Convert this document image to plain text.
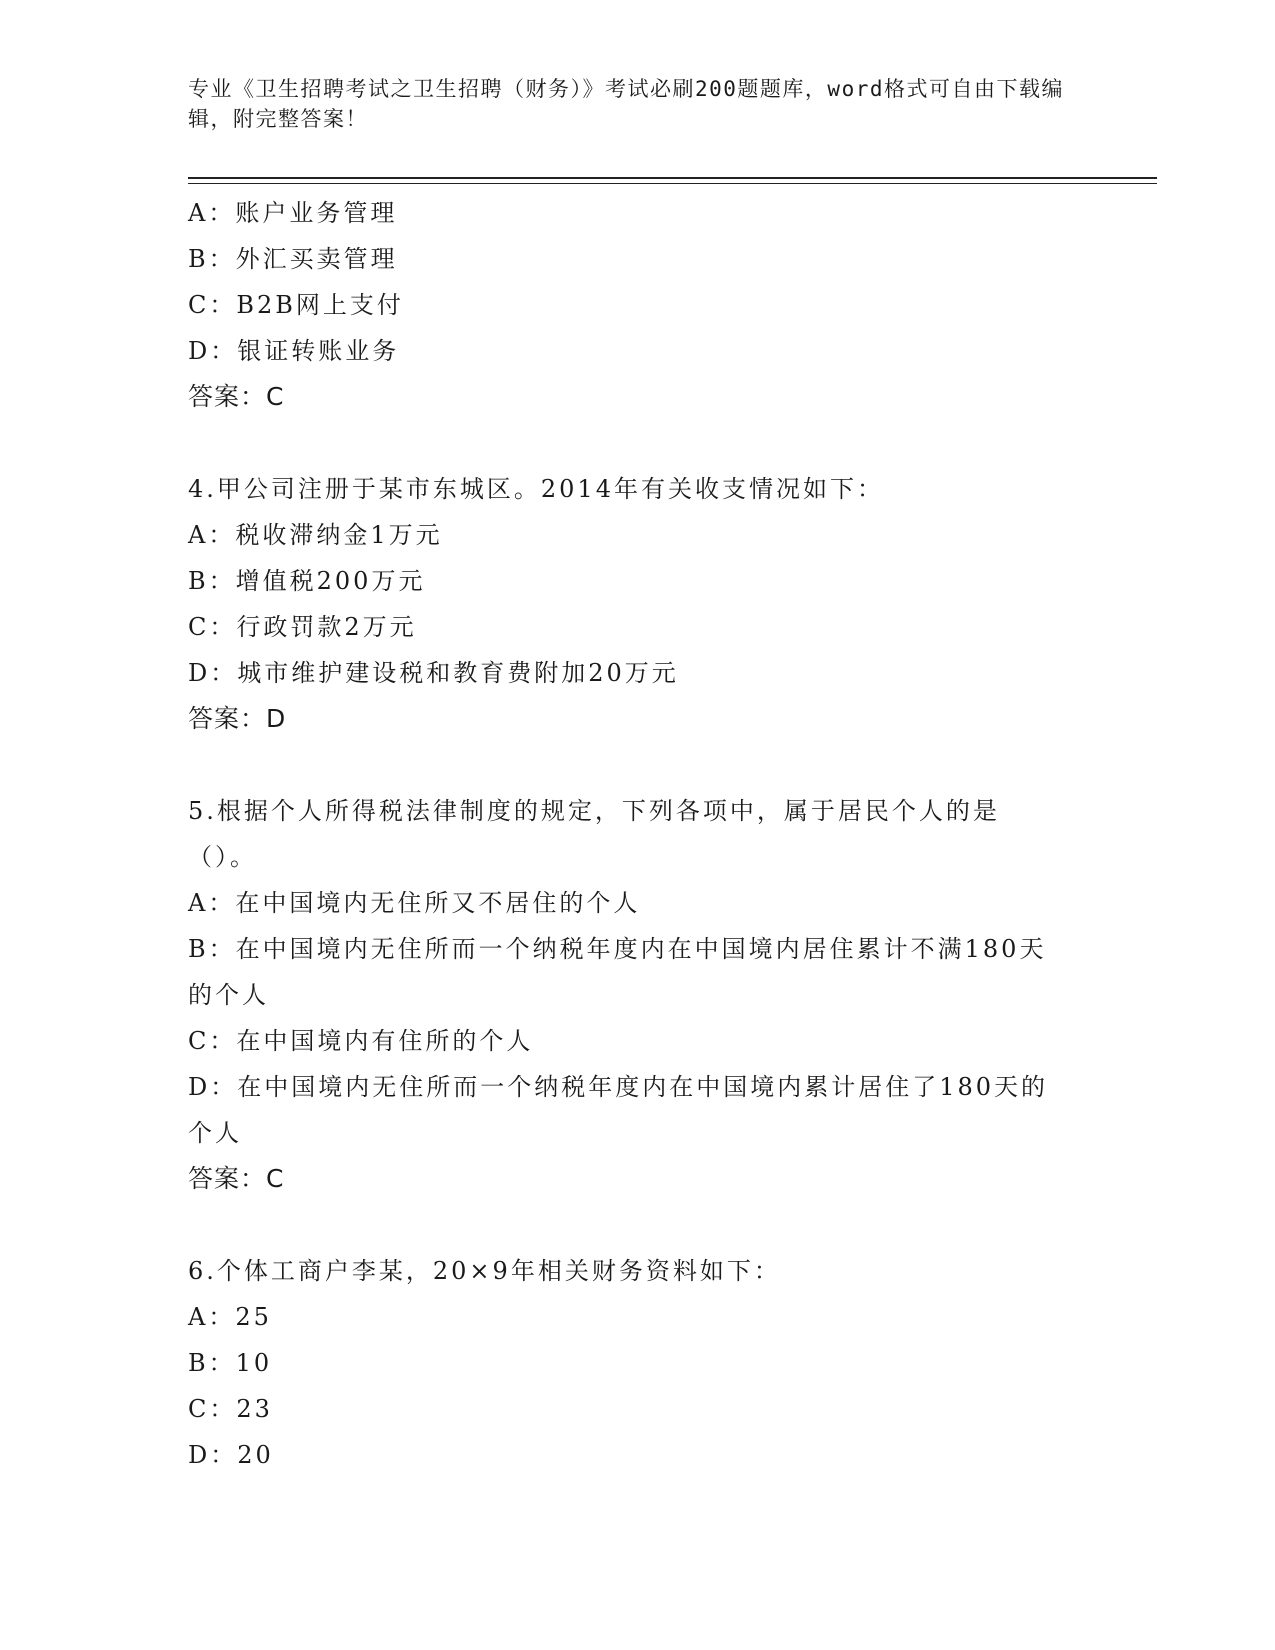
专业《卫生招聘考试之卫生招聘（财务）》考试必刷200题题库，word格式可自由下载编辑，附完整答案！
A：账户业务管理
B：外汇买卖管理
C：B2B网上支付
D：银证转账业务
答案：C
4.甲公司注册于某市东城区。2014年有关收支情况如下：
A：税收滞纳金1万元
B：增值税200万元
C：行政罚款2万元
D：城市维护建设税和教育费附加20万元
答案：D
5.根据个人所得税法律制度的规定，下列各项中，属于居民个人的是（）。
A：在中国境内无住所又不居住的个人
B：在中国境内无住所而一个纳税年度内在中国境内居住累计不满180天的个人
C：在中国境内有住所的个人
D：在中国境内无住所而一个纳税年度内在中国境内累计居住了180天的个人
答案：C
6.个体工商户李某，20×9年相关财务资料如下：
A：25
B：10
C：23
D：20
